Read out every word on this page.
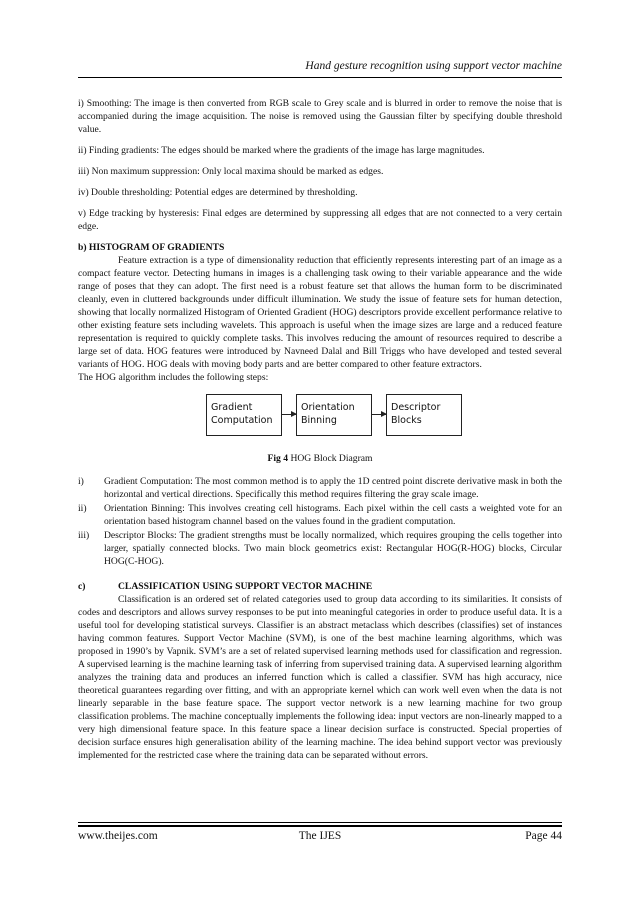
Hand gesture recognition using support vector machine

i) Smoothing: The image is then converted from RGB scale to Grey scale and is blurred in order to remove the noise that is accompanied during the image acquisition. The noise is removed using the Gaussian filter by specifying double threshold value.

ii) Finding gradients: The edges should be marked where the gradients of the image has large magnitudes.

iii) Non maximum suppression: Only local maxima should be marked as edges.

iv) Double thresholding: Potential edges are determined by thresholding.

v) Edge tracking by hysteresis: Final edges are determined by suppressing all edges that are not connected to a very certain edge.

b) HISTOGRAM OF GRADIENTS

Feature extraction is a type of dimensionality reduction that efficiently represents interesting part of an image as a compact feature vector. Detecting humans in images is a challenging task owing to their variable appearance and the wide range of poses that they can adopt. The first need is a robust feature set that allows the human form to be discriminated cleanly, even in cluttered backgrounds under difficult illumination. We study the issue of feature sets for human detection, showing that locally normalized Histogram of Oriented Gradient (HOG) descriptors provide excellent performance relative to other existing feature sets including wavelets. This approach is useful when the image sizes are large and a reduced feature representation is required to quickly complete tasks. This involves reducing the amount of resources required to describe a large set of data. HOG features were introduced by Navneed Dalal and Bill Triggs who have developed and tested several variants of HOG. HOG deals with moving body parts and are better compared to other feature extractors.

The HOG algorithm includes the following steps:

Gradient
Computation
Orientation
Binning
Descriptor
Blocks
Fig 4 HOG Block Diagram
i) Gradient Computation: The most common method is to apply the 1D centred point discrete derivative mask in both the horizontal and vertical directions. Specifically this method requires filtering the gray scale image.
ii) Orientation Binning: This involves creating cell histograms. Each pixel within the cell casts a weighted vote for an orientation based histogram channel based on the values found in the gradient computation.
iii) Descriptor Blocks: The gradient strengths must be locally normalized, which requires grouping the cells together into larger, spatially connected blocks. Two main block geometrics exist: Rectangular HOG(R-HOG) blocks, Circular HOG(C-HOG).
c)	CLASSIFICATION USING SUPPORT VECTOR MACHINE

Classification is an ordered set of related categories used to group data according to its similarities. It consists of codes and descriptors and allows survey responses to be put into meaningful categories in order to produce useful data. It is a useful tool for developing statistical surveys. Classifier is an abstract metaclass which describes (classifies) set of instances having common features. Support Vector Machine (SVM), is one of the best machine learning algorithms, which was proposed in 1990’s by Vapnik. SVM’s are a set of related supervised learning methods used for classification and regression. A supervised learning is the machine learning task of inferring from supervised training data. A supervised learning algorithm analyzes the training data and produces an inferred function which is called a classifier. SVM has high accuracy, nice theoretical guarantees regarding over fitting, and with an appropriate kernel which can work well even when the data is not linearly separable in the base feature space. The support vector network is a new learning machine for two group classification problems. The machine conceptually implements the following idea: input vectors are non-linearly mapped to a very high dimensional feature space. In this feature space a linear decision surface is constructed. Special properties of decision surface ensures high generalisation ability of the learning machine. The idea behind support vector was previously implemented for the restricted case where the training data can be separated without errors.

www.theijes.com	The IJES	Page 44
